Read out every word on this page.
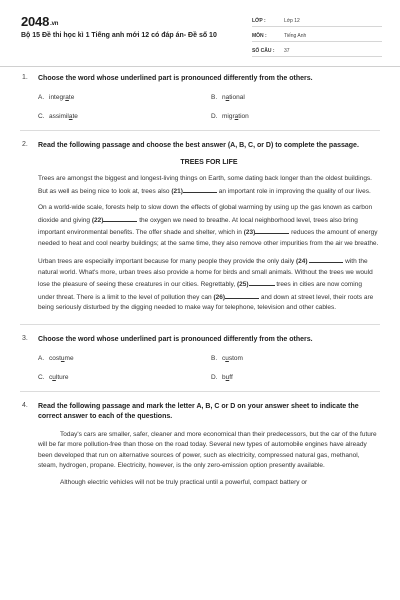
2048.vn
Bộ 15 Đề thi học kì 1 Tiếng anh mới 12 có đáp án- Đề số 10
LỚP :	Lớp 12
MÔN :	Tiếng Anh
SỐ CÂU :	37
1. Choose the word whose underlined part is pronounced differently from the others.
A. integrate	B. national
C. assimilate	D. migration
2. Read the following passage and choose the best answer (A, B, C, or D) to complete the passage.
TREES FOR LIFE
Trees are amongst the biggest and longest-living things on Earth, some dating back longer than the oldest buildings. But as well as being nice to look at, trees also (21)	an important role in improving the quality of our lives.
On a world-wide scale, forests help to slow down the effects of global warming by using up the gas known as carbon dioxide and giving (22)	the oxygen we need to breathe. At local neighborhood level, trees also bring important environmental benefits. The offer shade and shelter, which in (23)	reduces the amount of energy needed to heat and cool nearby buildings; at the same time, they also remove other impurities from the air we breathe.
Urban trees are especially important because for many people they provide the only daily (24)	with the natural world. What's more, urban trees also provide a home for birds and small animals. Without the trees we would lose the pleasure of seeing these creatures in our cities. Regrettably, (25)	trees in cities are now coming under threat. There is a limit to the level of pollution they can (26)	and down at street level, their roots are being seriously disturbed by the digging needed to make way for telephone, television and other cables.
3. Choose the word whose underlined part is pronounced differently from the others.
A. costume	B. custom
C. culture	D. buff
4. Read the following passage and mark the letter A, B, C or D on your answer sheet to indicate the correct answer to each of the questions.
Today's cars are smaller, safer, cleaner and more economical than their predecessors, but the car of the future will be far more pollution-free than those on the road today. Several new types of automobile engines have already been developed that run on alternative sources of power, such as electricity, compressed natural gas, methanol, steam, hydrogen, propane. Electricity, however, is the only zero-emission option presently available.
Although electric vehicles will not be truly practical until a powerful, compact battery or
